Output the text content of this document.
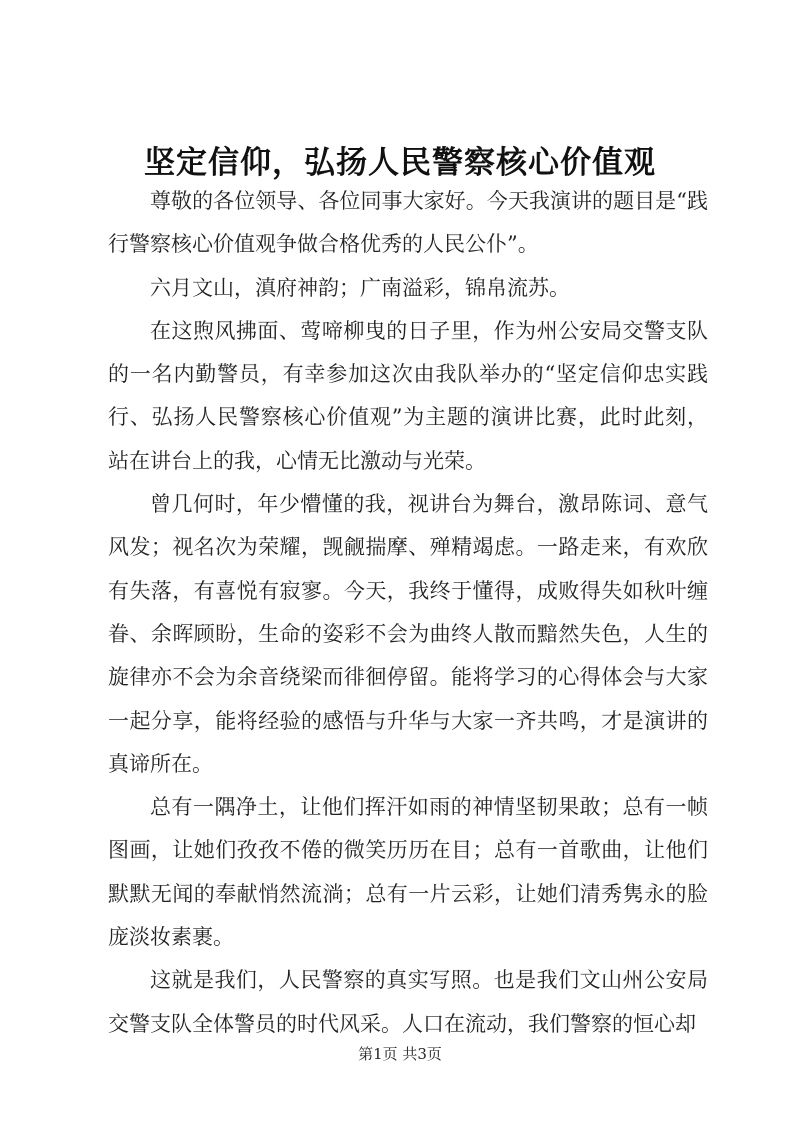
坚定信仰，弘扬人民警察核心价值观
尊敬的各位领导、各位同事大家好。今天我演讲的题目是“践
行警察核心价值观争做合格优秀的人民公仆”。
六月文山，滇府神韵；广南溢彩，锦帛流苏。
在这煦风拂面、莺啼柳曳的日子里，作为州公安局交警支队
的一名内勤警员，有幸参加这次由我队举办的“坚定信仰忠实践
行、弘扬人民警察核心价值观”为主题的演讲比赛，此时此刻，
站在讲台上的我，心情无比激动与光荣。
曾几何时，年少懵懂的我，视讲台为舞台，激昂陈词、意气
风发；视名次为荣耀，觊觎揣摩、殚精竭虑。一路走来，有欢欣
有失落，有喜悦有寂寥。今天，我终于懂得，成败得失如秋叶缠
眷、余晖顾盼，生命的姿彩不会为曲终人散而黯然失色，人生的
旋律亦不会为余音绕梁而徘徊停留。能将学习的心得体会与大家
一起分享，能将经验的感悟与升华与大家一齐共鸣，才是演讲的
真谛所在。
总有一隅净土，让他们挥汗如雨的神情坚韧果敢；总有一帧
图画，让她们孜孜不倦的微笑历历在目；总有一首歌曲，让他们
默默无闻的奉献悄然流淌；总有一片云彩，让她们清秀隽永的脸
庞淡妆素裹。
这就是我们，人民警察的真实写照。也是我们文山州公安局
交警支队全体警员的时代风采。人口在流动，我们警察的恒心却
第1页 共3页
